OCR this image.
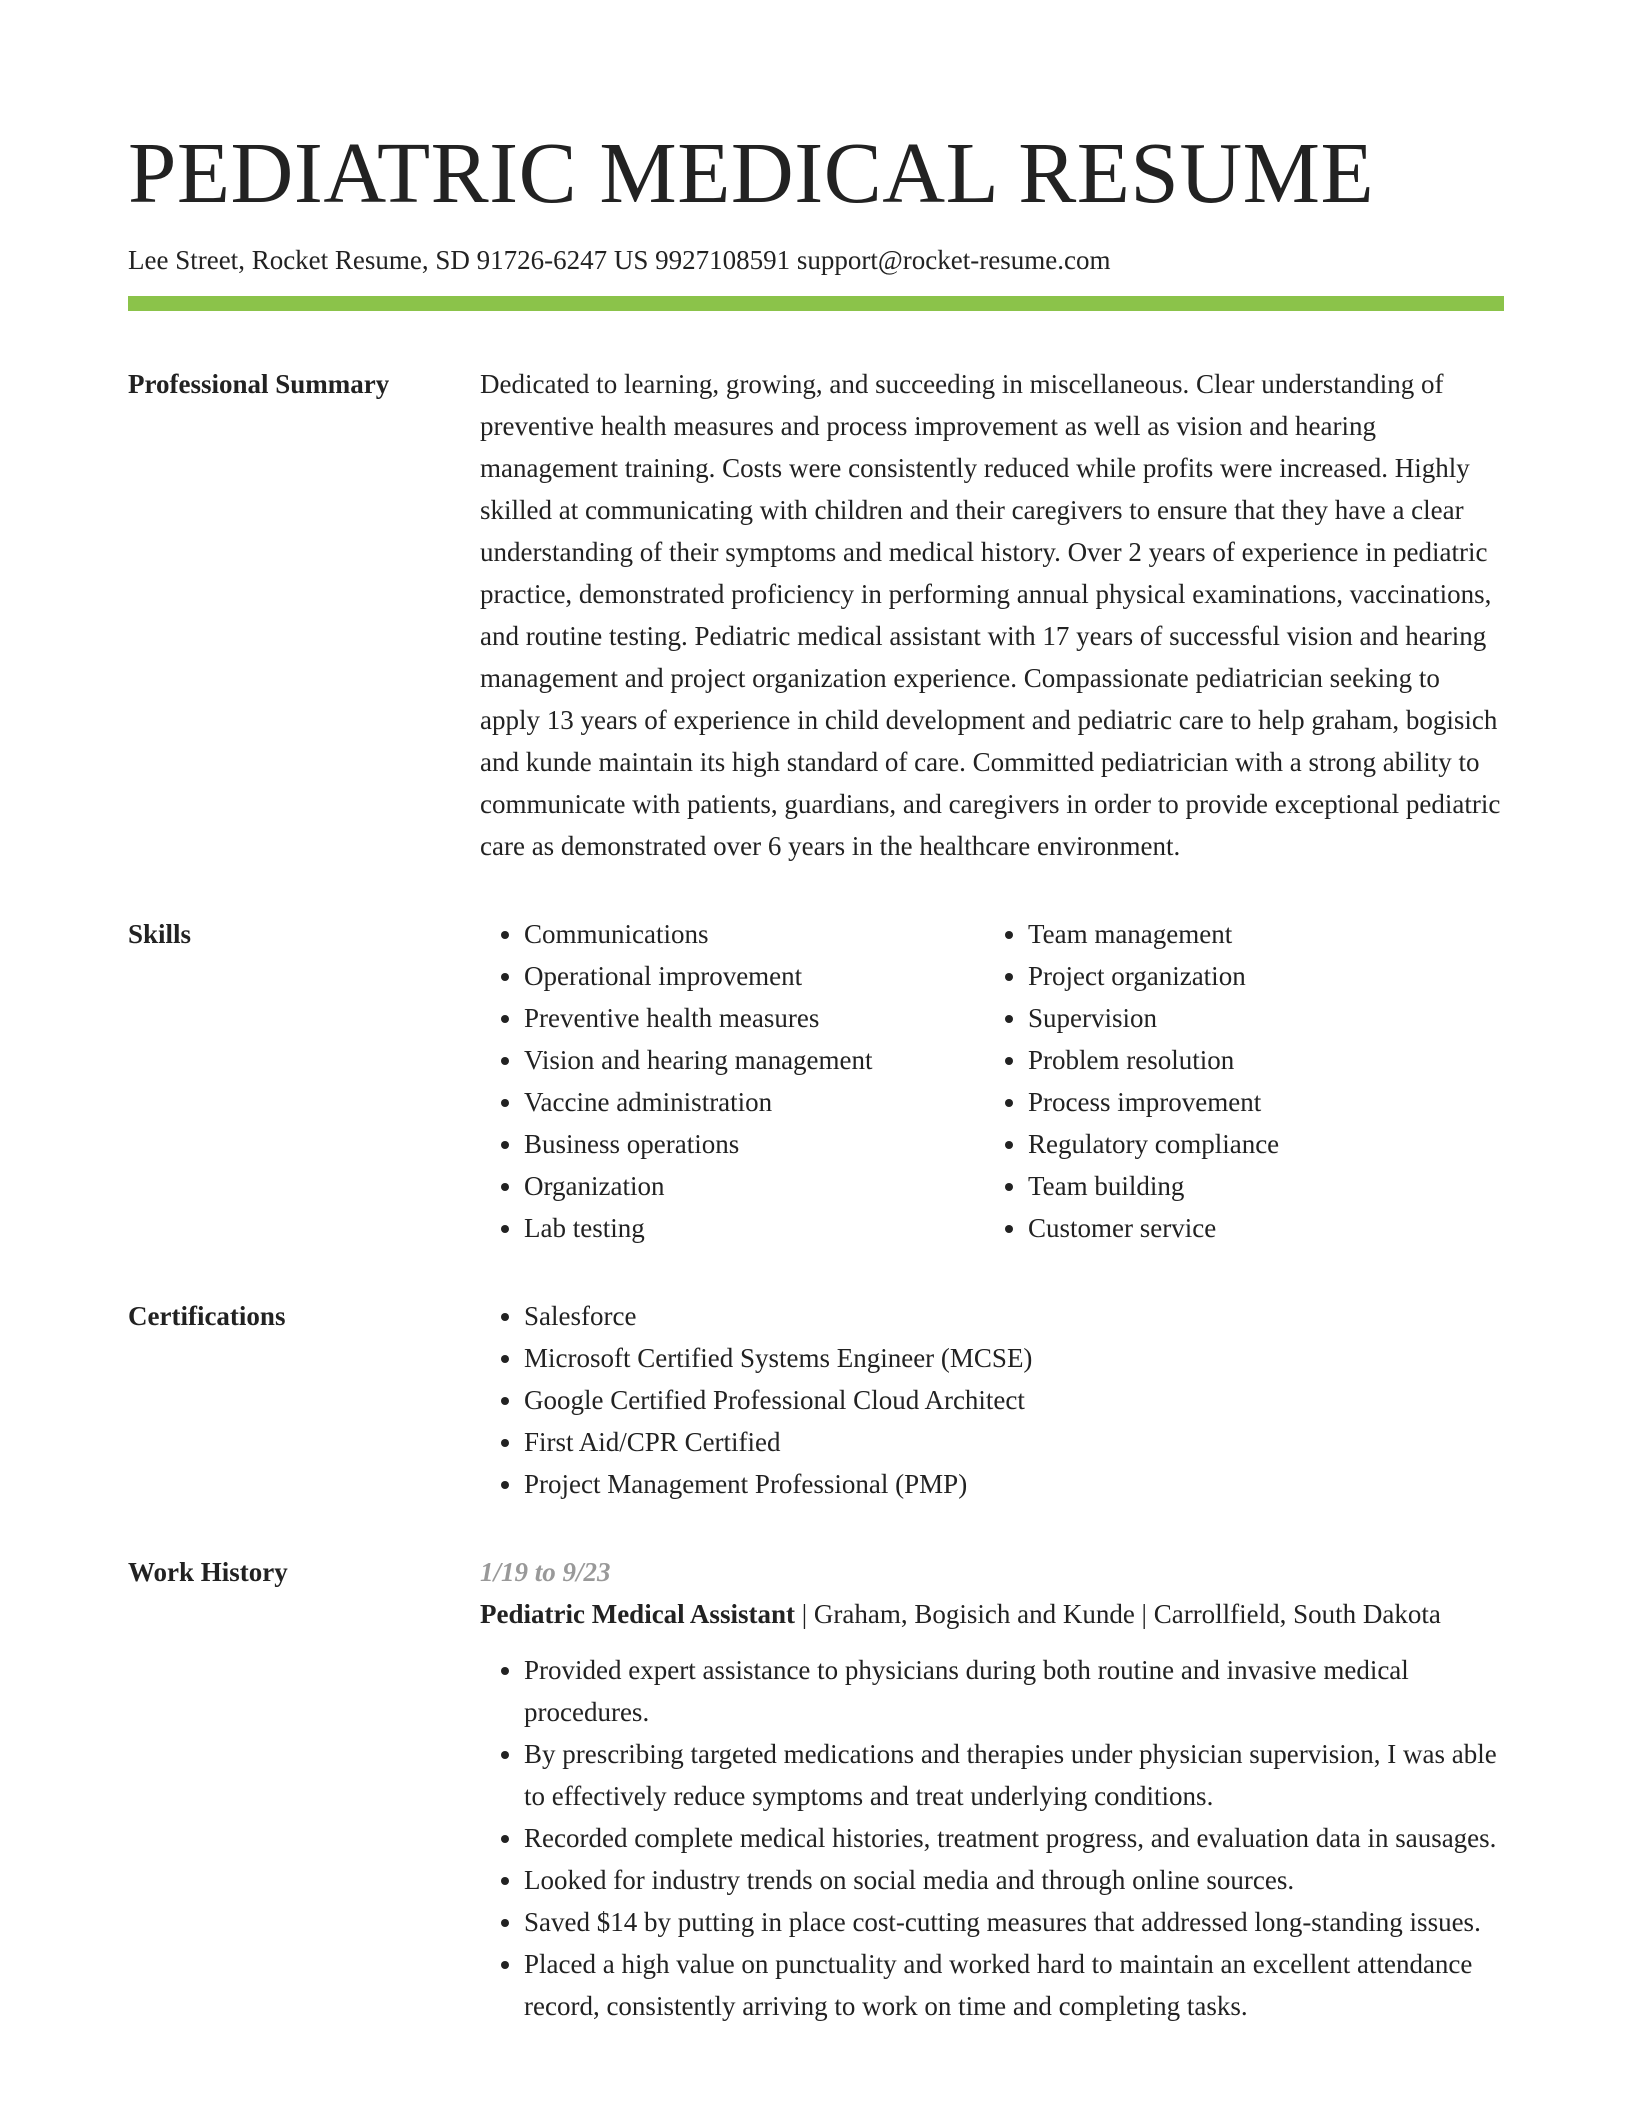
PEDIATRIC MEDICAL RESUME
Lee Street, Rocket Resume, SD 91726-6247 US 9927108591 support@rocket-resume.com
Professional Summary	Dedicated to learning, growing, and succeeding in miscellaneous. Clear understanding of preventive health measures and process improvement as well as vision and hearing management training. Costs were consistently reduced while profits were increased. Highly skilled at communicating with children and their caregivers to ensure that they have a clear understanding of their symptoms and medical history. Over 2 years of experience in pediatric practice, demonstrated proficiency in performing annual physical examinations, vaccinations, and routine testing. Pediatric medical assistant with 17 years of successful vision and hearing management and project organization experience. Compassionate pediatrician seeking to apply 13 years of experience in child development and pediatric care to help graham, bogisich and kunde maintain its high standard of care. Committed pediatrician with a strong ability to communicate with patients, guardians, and caregivers in order to provide exceptional pediatric care as demonstrated over 6 years in the healthcare environment.

Skills	• Communications
• Operational improvement
• Preventive health measures
• Vision and hearing management
• Vaccine administration
• Business operations
• Organization
• Lab testing
• Team management
• Project organization
• Supervision
• Problem resolution
• Process improvement
• Regulatory compliance
• Team building
• Customer service
Certifications	• Salesforce
• Microsoft Certified Systems Engineer (MCSE)
• Google Certified Professional Cloud Architect
• First Aid/CPR Certified
• Project Management Professional (PMP)
Work History	1/19 to 9/23
Pediatric Medical Assistant | Graham, Bogisich and Kunde | Carrollfield, South Dakota
• Provided expert assistance to physicians during both routine and invasive medical procedures.
• By prescribing targeted medications and therapies under physician supervision, I was able to effectively reduce symptoms and treat underlying conditions.
• Recorded complete medical histories, treatment progress, and evaluation data in sausages.
• Looked for industry trends on social media and through online sources.
• Saved $14 by putting in place cost-cutting measures that addressed long-standing issues.
• Placed a high value on punctuality and worked hard to maintain an excellent attendance record, consistently arriving to work on time and completing tasks.
